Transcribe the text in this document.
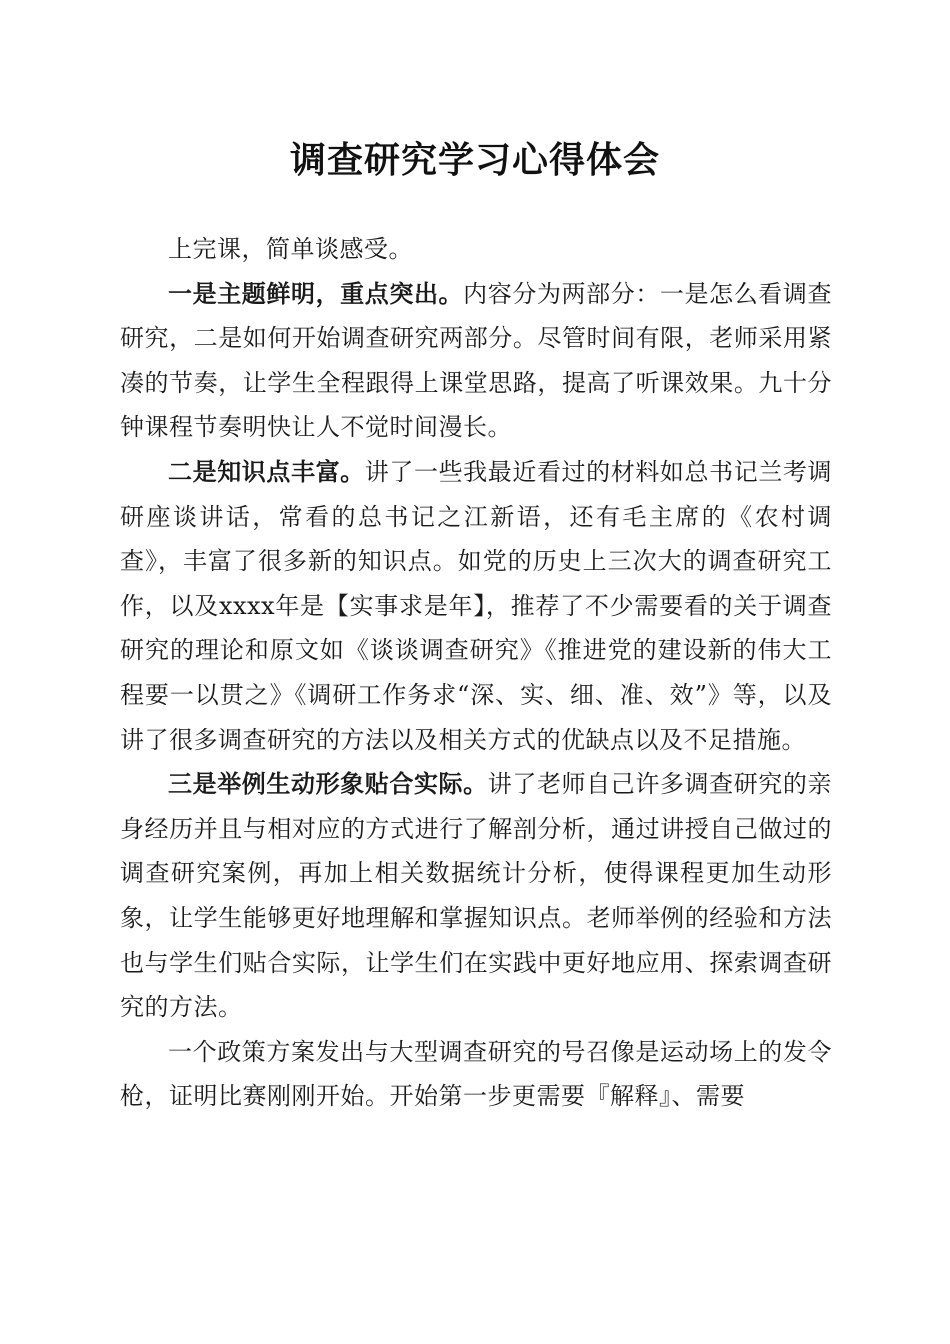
调查研究学习心得体会

上完课，简单谈感受。

一是主题鲜明，重点突出。内容分为两部分：一是怎么看调查研究，二是如何开始调查研究两部分。尽管时间有限，老师采用紧凑的节奏，让学生全程跟得上课堂思路，提高了听课效果。九十分钟课程节奏明快让人不觉时间漫长。

二是知识点丰富。讲了一些我最近看过的材料如总书记兰考调研座谈讲话，常看的总书记之江新语，还有毛主席的《农村调查》，丰富了很多新的知识点。如党的历史上三次大的调查研究工作，以及xxxx年是【实事求是年】，推荐了不少需要看的关于调查研究的理论和原文如《谈谈调查研究》《推进党的建设新的伟大工程要一以贯之》《调研工作务求“深、实、细、准、效”》等，以及讲了很多调查研究的方法以及相关方式的优缺点以及不足措施。

三是举例生动形象贴合实际。讲了老师自己许多调查研究的亲身经历并且与相对应的方式进行了解剖分析，通过讲授自己做过的调查研究案例，再加上相关数据统计分析，使得课程更加生动形象，让学生能够更好地理解和掌握知识点。老师举例的经验和方法也与学生们贴合实际，让学生们在实践中更好地应用、探索调查研究的方法。

一个政策方案发出与大型调查研究的号召像是运动场上的发令枪，证明比赛刚刚开始。开始第一步更需要『解释』、需要
